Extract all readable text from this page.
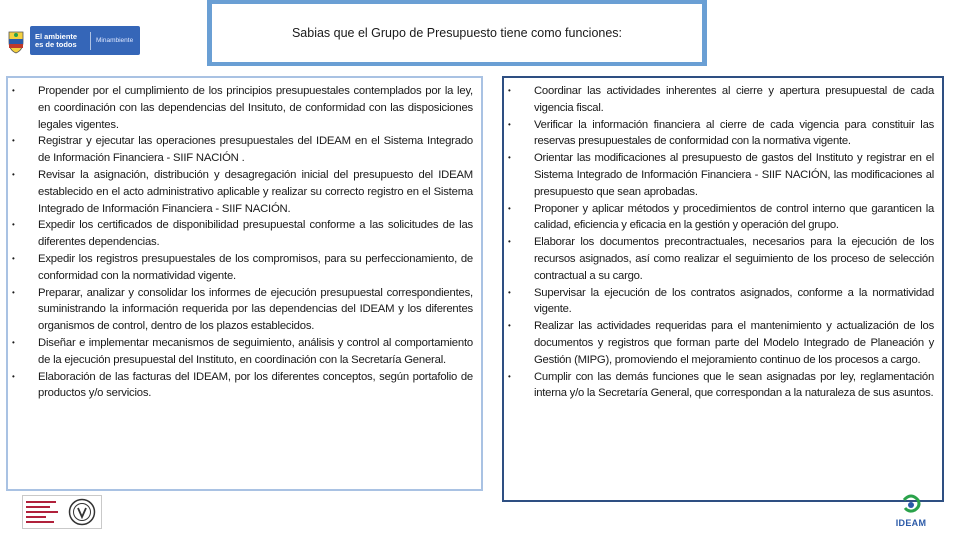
El ambiente es de todos	Minambiente
Sabias que el Grupo de Presupuesto tiene como funciones:
• Propender por el cumplimiento de los principios presupuestales contemplados por la ley, en coordinación con las dependencias del Insituto, de conformidad con las disposiciones legales vigentes.
• Registrar y ejecutar las operaciones presupuestales del IDEAM en el Sistema Integrado de Información Financiera - SIIF NACIÓN .
• Revisar la asignación, distribución y desagregación inicial del presupuesto del IDEAM establecido en el acto administrativo aplicable y realizar su correcto registro en el Sistema Integrado de Información Financiera - SIIF NACIÓN.
• Expedir los certificados de disponibilidad presupuestal conforme a las solicitudes de las diferentes dependencias.
• Expedir los registros presupuestales de los compromisos, para su perfeccionamiento, de conformidad con la normatividad vigente.
• Preparar, analizar y consolidar los informes de ejecución presupuestal correspondientes, suministrando la información requerida por las dependencias del IDEAM y los diferentes organismos de control, dentro de los plazos establecidos.
• Diseñar e implementar mecanismos de seguimiento, análisis y control al comportamiento de la ejecución presupuestal del Instituto, en coordinación con la Secretaría General.
• Elaboración de las facturas del IDEAM, por los diferentes conceptos, según portafolio de productos y/o servicios.
• Coordinar las actividades inherentes al cierre y apertura presupuestal de cada vigencia fiscal.
• Verificar la información financiera al cierre de cada vigencia para constituir las reservas presupuestales de conformidad con la normativa vigente.
• Orientar las modificaciones al presupuesto de gastos del Instituto y registrar en el Sistema Integrado de Información Financiera - SIIF NACIÓN, las modificaciones al presupuesto que sean aprobadas.
• Proponer y aplicar métodos y procedimientos de control interno que garanticen la calidad, eficiencia y eficacia en la gestión y operación del grupo.
• Elaborar los documentos precontractuales, necesarios para la ejecución de los recursos asignados, así como realizar el seguimiento de los proceso de selección contractual a su cargo.
• Supervisar la ejecución de los contratos asignados, conforme a la normatividad vigente.
• Realizar las actividades requeridas para el mantenimiento y actualización de los documentos y registros que forman parte del Modelo Integrado de Planeación y Gestión (MIPG), promoviendo el mejoramiento continuo de los procesos a cargo.
• Cumplir con las demás funciones que le sean asignadas por ley, reglamentación interna y/o la Secretaría General, que correspondan a la naturaleza de sus asuntos.
IDEAM
